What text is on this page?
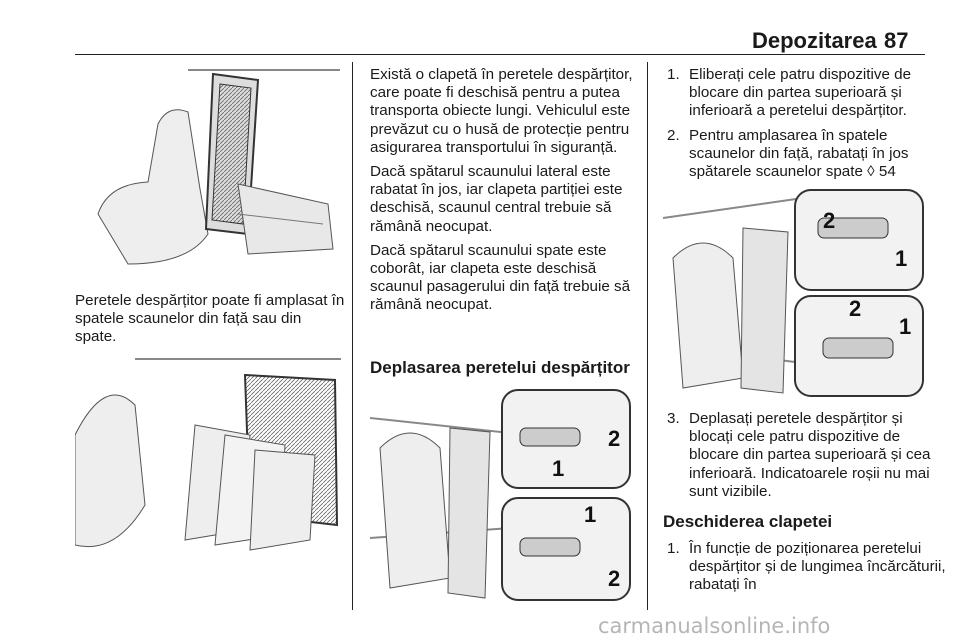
Depozitarea 87
Peretele despărțitor poate fi amplasat în spatele scaunelor din față sau din spate.

Există o clapetă în peretele despărțitor, care poate fi deschisă pentru a putea transporta obiecte lungi. Vehiculul este prevăzut cu o husă de protecție pentru asigurarea transportului în siguranță.

Dacă spătarul scaunului lateral este rabatat în jos, iar clapeta partiției este deschisă, scaunul central trebuie să rămână neocupat.

Dacă spătarul scaunului spate este coborât, iar clapeta este deschisă scaunul pasagerului din față trebuie să rămână neocupat.

Deplasarea peretelui despărțitor
2
1
1
2
1. Eliberați cele patru dispozitive de blocare din partea superioară și inferioară a peretelui despărțitor.
2. Pentru amplasarea în spatele scaunelor din față, rabatați în jos spătarele scaunelor spate ◊ 54
2
1
2
1
3. Deplasați peretele despărțitor și blocați cele patru dispozitive de blocare din partea superioară și cea inferioară. Indicatoarele roșii nu mai sunt vizibile.
Deschiderea clapetei
1. În funcție de poziționarea peretelui despărțitor și de lungimea încărcăturii, rabatați în
carmanualsonline.info
